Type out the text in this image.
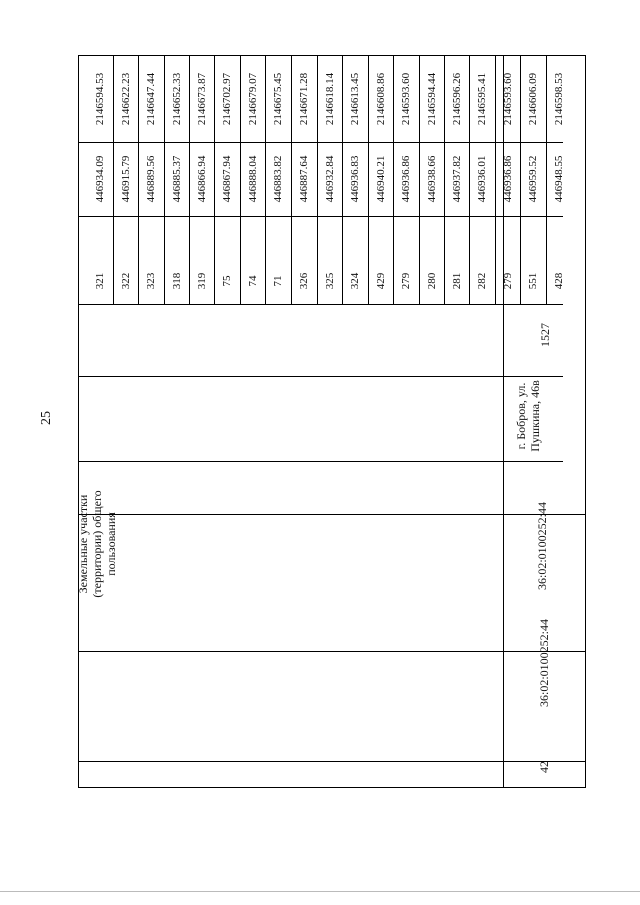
25
42
36:02:0100252:44
36:02:0100252:44
г. Бобров, ул. Пушкина, 46в
1527
Земельные участки (территории) общего пользования
321
446934.09
2146594.53
322
446915.79
2146622.23
323
446889.56
2146647.44
318
446885.37
2146652.33
319
446866.94
2146673.87
75
446867.94
2146702.97
74
446888.04
2146679.07
71
446883.82
2146675.45
326
446887.64
2146671.28
325
446932.84
2146618.14
324
446936.83
2146613.45
429
446940.21
2146608.86
279
446936.86
2146593.60
280
446938.66
2146594.44
281
446937.82
2146596.26
282
446936.01
2146595.41
279
446936.86
2146593.60
551
446959.52
2146606.09
428
446948.55
2146598.53
